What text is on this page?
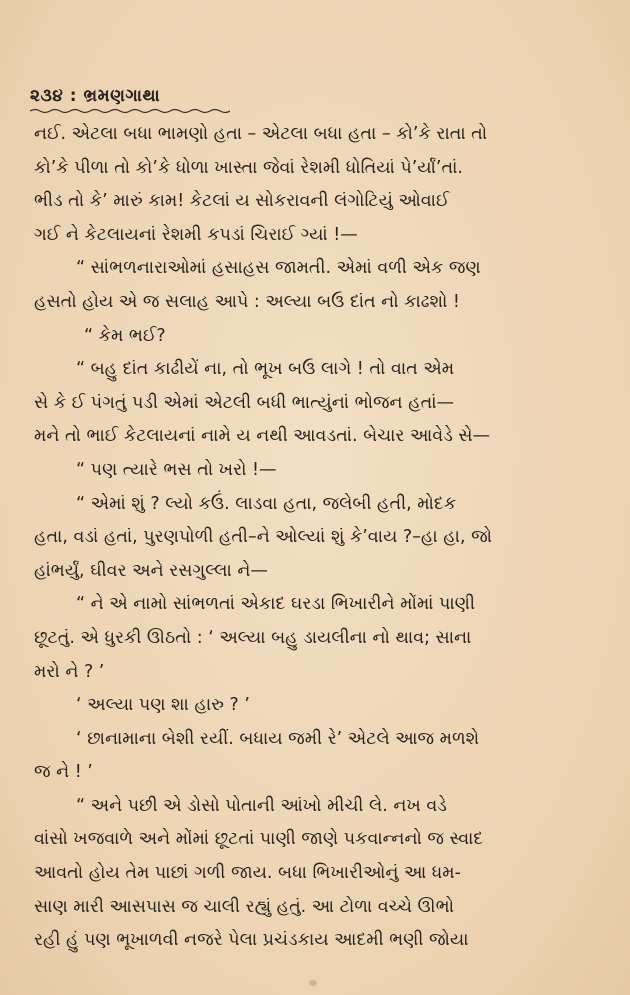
૨૩૪ : ભ્રમણગાથા
નઈ. એટલા બધા ભામણો હતા – એટલા બધા હતા – કો’કે રાતા તો
કો’કે પીળા તો કો’કે ધોળા ખાસ્તા જેવાં રેશમી ધોતિયાં પે’ર્યાં’તાં.
ભીડ તો કે’ મારું કામ! કેટલાં ય સોકરાવની લંગોટિયું ઓવાઈ
ગઈ ને કેટલાયનાં રેશમી કપડાં ચિરાઈ ગ્યાં !—
“ સાંભળનારાઓમાં હસાહસ જામતી. એમાં વળી એક જણ
હસતો હોય એ જ સલાહ આપે : અલ્યા બઉ દાંત નો કાઢશો !
“ કેમ ભઈ?
“ બહુ દાંત કાઢીયેં ના, તો ભૂખ બઉ લાગે ! તો વાત એમ
સે કે ઈ પંગતું પડી એમાં એટલી બધી ભાત્યુંનાં ભોજન હતાં—
મને તો ભાઈ કેટલાયનાં નામે ય નથી આવડતાં. બેચાર આવેડે સે—
“ પણ ત્યારે ભસ તો ખરો !—
“ એમાં શું ? લ્યો કઉં. લાડવા હતા, જલેબી હતી, મોદક
હતા, વડાં હતાં, પુરણપોળી હતી–ને ઓલ્યાં શું કે’વાય ?–હા હા, જો
હાંભર્યું, ઘીવર અને રસગુલ્લા ને—
“ ને એ નામો સાંભળતાં એકાદ ઘરડા ભિખારીને મોંમાં પાણી
છૂટતું. એ ધુરકી ઊઠતો : ‘ અલ્યા બહુ ડાયલીના નો થાવ; સાના
મરો ને ? ’
‘ અલ્યા પણ શા હારુ ? ’
‘ છાનામાના બેશી રયીં. બધાય જમી રે’ એટલે આજ મળશે
જ ને ! ’
“ અને પછી એ ડોસો પોતાની આંખો મીચી લે. નખ વડે
વાંસો ખજવાળે અને મોંમાં છૂટતાં પાણી જાણે પકવાન્નનો જ સ્વાદ
આવતો હોય તેમ પાછાં ગળી જાય. બધા ભિખારીઓનું આ ધમ-
સાણ મારી આસપાસ જ ચાલી રહ્યું હતું. આ ટોળા વચ્ચે ઊભો
રહી હું પણ ભૂખાળવી નજરે પેલા પ્રચંડકાય આદમી ભણી જોયા
